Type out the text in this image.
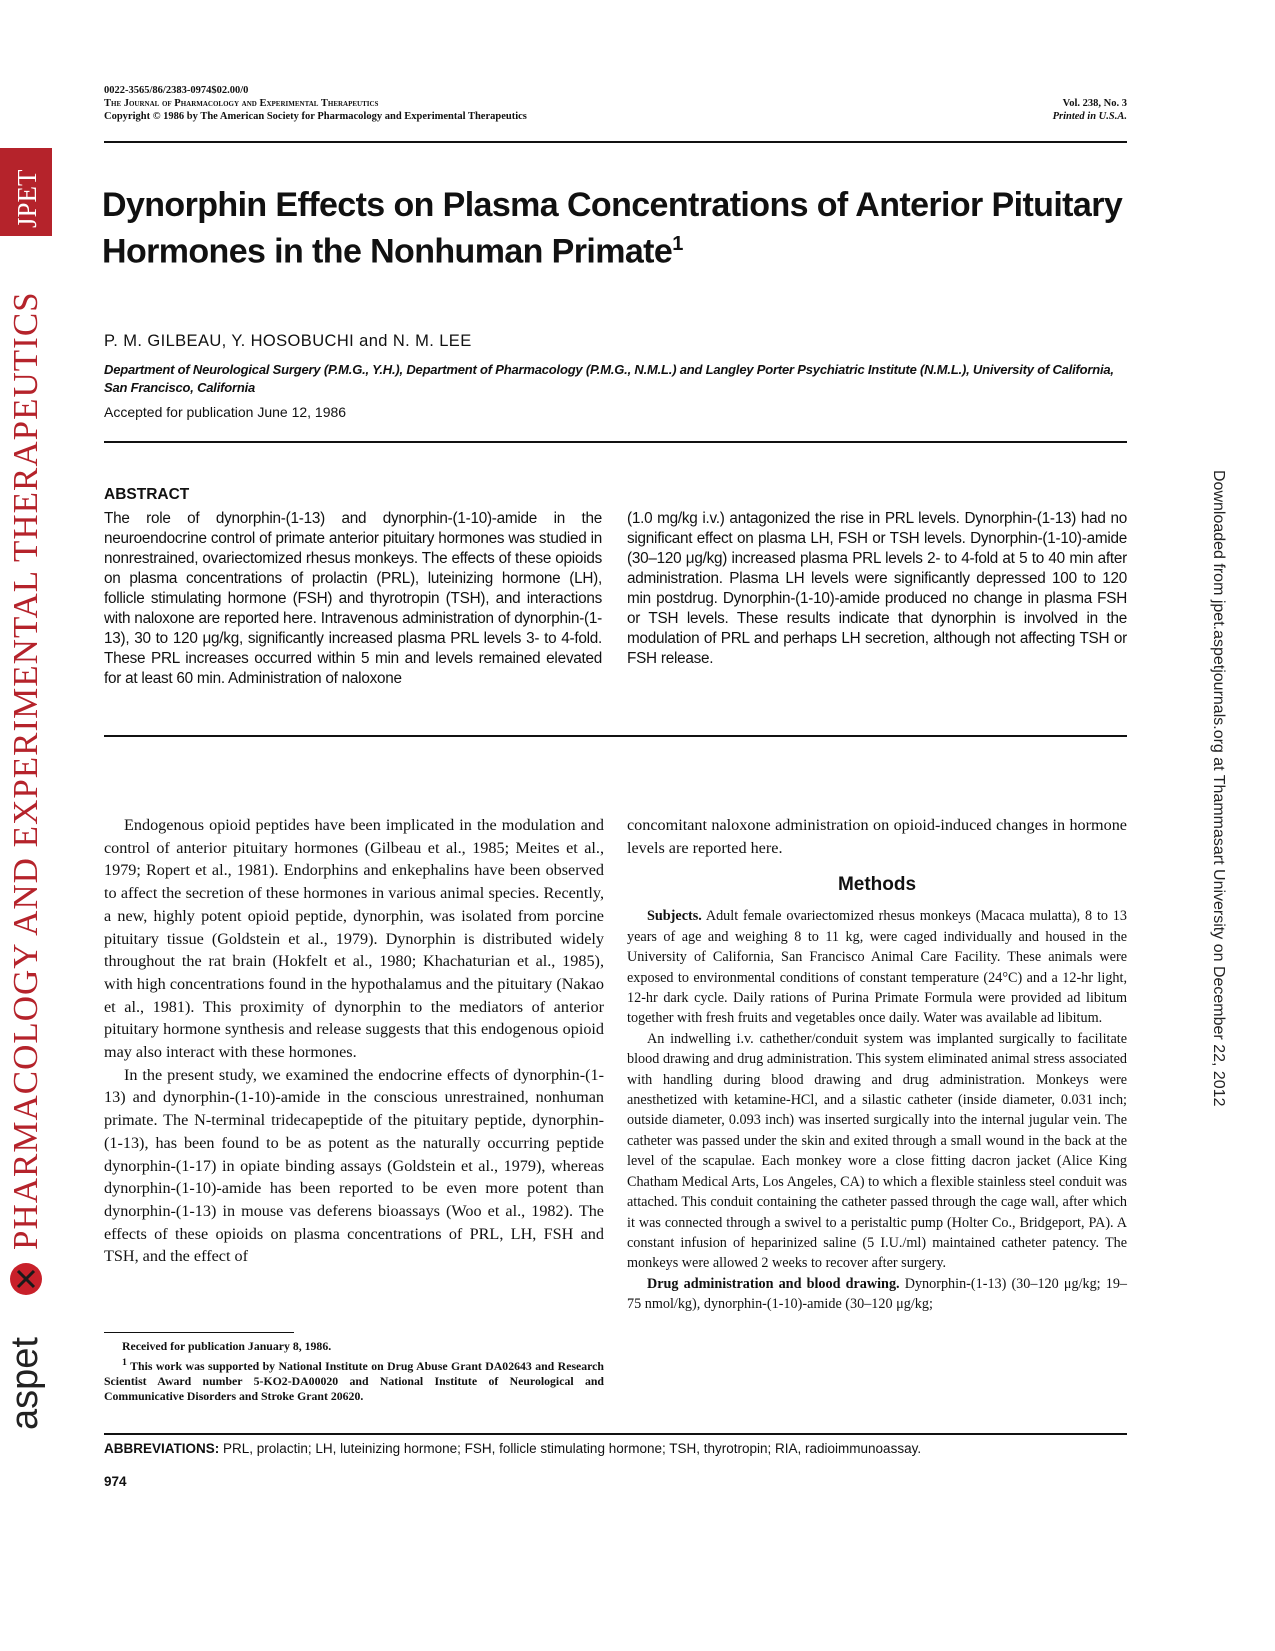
JPET
PHARMACOLOGY AND EXPERIMENTAL THERAPEUTICS
aspet
Downloaded from jpet.aspetjournals.org at Thammasart University on December 22, 2012
0022-3565/86/2383-0974$02.00/0
The Journal of Pharmacology and Experimental Therapeutics
Copyright © 1986 by The American Society for Pharmacology and Experimental Therapeutics
Vol. 238, No. 3
Printed in U.S.A.
Dynorphin Effects on Plasma Concentrations of Anterior Pituitary Hormones in the Nonhuman Primate$^1$
P. M. GILBEAU, Y. HOSOBUCHI and N. M. LEE
Department of Neurological Surgery (P.M.G., Y.H.), Department of Pharmacology (P.M.G., N.M.L.) and Langley Porter Psychiatric Institute (N.M.L.), University of California, San Francisco, California
Accepted for publication June 12, 1986
ABSTRACT
The role of dynorphin-(1-13) and dynorphin-(1-10)-amide in the neuroendocrine control of primate anterior pituitary hormones was studied in nonrestrained, ovariectomized rhesus monkeys. The effects of these opioids on plasma concentrations of prolactin (PRL), luteinizing hormone (LH), follicle stimulating hormone (FSH) and thyrotropin (TSH), and interactions with naloxone are reported here. Intravenous administration of dynorphin-(1-13), 30 to 120 μg/kg, significantly increased plasma PRL levels 3- to 4-fold. These PRL increases occurred within 5 min and levels remained elevated for at least 60 min. Administration of naloxone
(1.0 mg/kg i.v.) antagonized the rise in PRL levels. Dynorphin-(1-13) had no significant effect on plasma LH, FSH or TSH levels. Dynorphin-(1-10)-amide (30–120 μg/kg) increased plasma PRL levels 2- to 4-fold at 5 to 40 min after administration. Plasma LH levels were significantly depressed 100 to 120 min postdrug. Dynorphin-(1-10)-amide produced no change in plasma FSH or TSH levels. These results indicate that dynorphin is involved in the modulation of PRL and perhaps LH secretion, although not affecting TSH or FSH release.

Endogenous opioid peptides have been implicated in the modulation and control of anterior pituitary hormones (Gilbeau et al., 1985; Meites et al., 1979; Ropert et al., 1981). Endorphins and enkephalins have been observed to affect the secretion of these hormones in various animal species. Recently, a new, highly potent opioid peptide, dynorphin, was isolated from porcine pituitary tissue (Goldstein et al., 1979). Dynorphin is distributed widely throughout the rat brain (Hokfelt et al., 1980; Khachaturian et al., 1985), with high concentrations found in the hypothalamus and the pituitary (Nakao et al., 1981). This proximity of dynorphin to the mediators of anterior pituitary hormone synthesis and release suggests that this endogenous opioid may also interact with these hormones.

In the present study, we examined the endocrine effects of dynorphin-(1-13) and dynorphin-(1-10)-amide in the conscious unrestrained, nonhuman primate. The N-terminal tridecapeptide of the pituitary peptide, dynorphin-(1-13), has been found to be as potent as the naturally occurring peptide dynorphin-(1-17) in opiate binding assays (Goldstein et al., 1979), whereas dynorphin-(1-10)-amide has been reported to be even more potent than dynorphin-(1-13) in mouse vas deferens bioassays (Woo et al., 1982). The effects of these opioids on plasma concentrations of PRL, LH, FSH and TSH, and the effect of

Received for publication January 8, 1986.
$^1$ This work was supported by National Institute on Drug Abuse Grant DA02643 and Research Scientist Award number 5-KO2-DA00020 and National Institute of Neurological and Communicative Disorders and Stroke Grant 20620.
concomitant naloxone administration on opioid-induced changes in hormone levels are reported here.
Methods

Subjects. Adult female ovariectomized rhesus monkeys (Macaca mulatta), 8 to 13 years of age and weighing 8 to 11 kg, were caged individually and housed in the University of California, San Francisco Animal Care Facility. These animals were exposed to environmental conditions of constant temperature (24°C) and a 12-hr light, 12-hr dark cycle. Daily rations of Purina Primate Formula were provided ad libitum together with fresh fruits and vegetables once daily. Water was available ad libitum.

An indwelling i.v. cathether/conduit system was implanted surgically to facilitate blood drawing and drug administration. This system eliminated animal stress associated with handling during blood drawing and drug administration. Monkeys were anesthetized with ketamine-HCl, and a silastic catheter (inside diameter, 0.031 inch; outside diameter, 0.093 inch) was inserted surgically into the internal jugular vein. The catheter was passed under the skin and exited through a small wound in the back at the level of the scapulae. Each monkey wore a close fitting dacron jacket (Alice King Chatham Medical Arts, Los Angeles, CA) to which a flexible stainless steel conduit was attached. This conduit containing the catheter passed through the cage wall, after which it was connected through a swivel to a peristaltic pump (Holter Co., Bridgeport, PA). A constant infusion of heparinized saline (5 I.U./ml) maintained catheter patency. The monkeys were allowed 2 weeks to recover after surgery.

Drug administration and blood drawing. Dynorphin-(1-13) (30–120 μg/kg; 19–75 nmol/kg), dynorphin-(1-10)-amide (30–120 μg/kg;

ABBREVIATIONS: PRL, prolactin; LH, luteinizing hormone; FSH, follicle stimulating hormone; TSH, thyrotropin; RIA, radioimmunoassay.
974
